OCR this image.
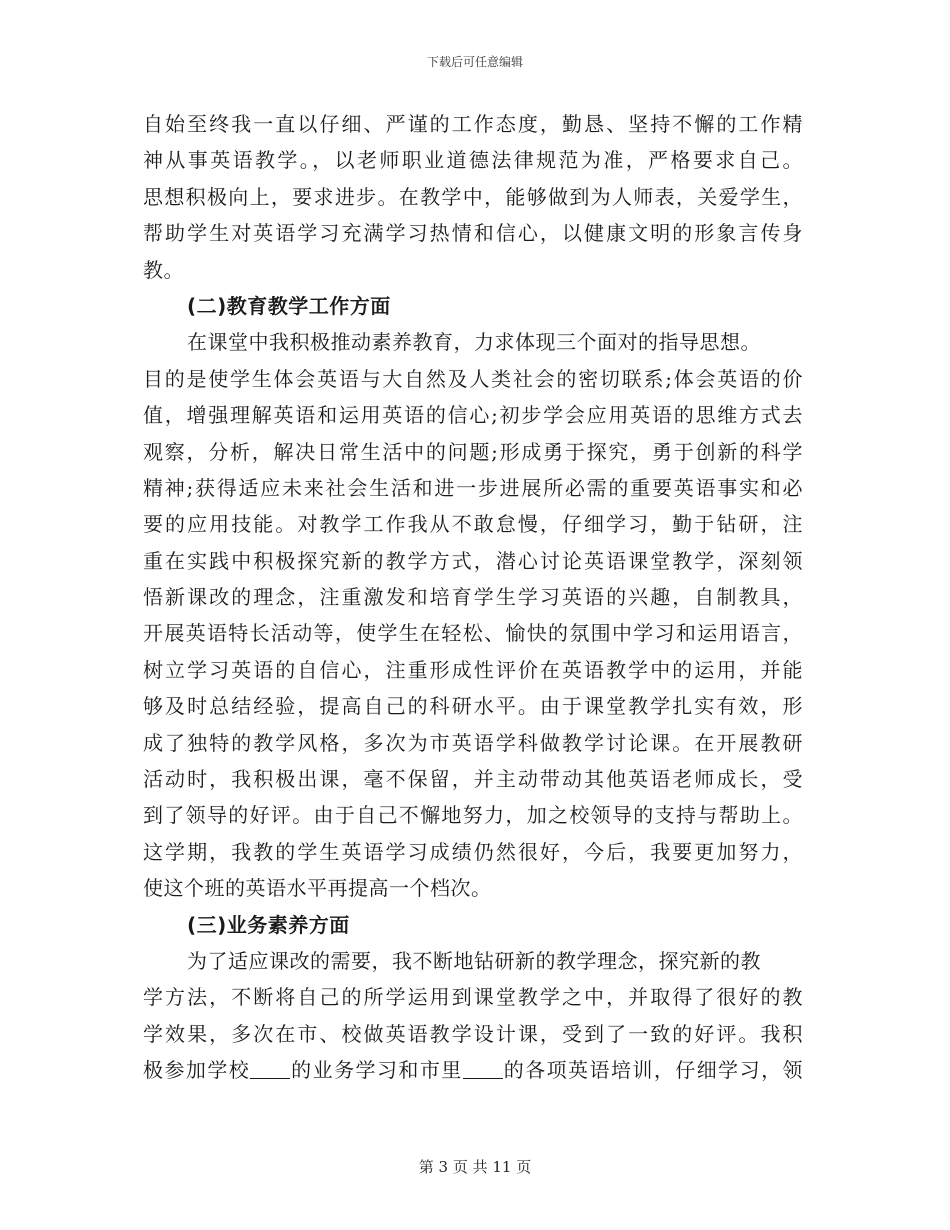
下载后可任意编辑
自始至终我一直以仔细、严谨的工作态度，勤恳、坚持不懈的工作精
神从事英语教学。，以老师职业道德法律规范为准，严格要求自己。
思想积极向上，要求进步。在教学中，能够做到为人师表，关爱学生，
帮助学生对英语学习充满学习热情和信心，以健康文明的形象言传身
教。
(二)教育教学工作方面
在课堂中我积极推动素养教育，力求体现三个面对的指导思想。
目的是使学生体会英语与大自然及人类社会的密切联系;体会英语的价
值，增强理解英语和运用英语的信心;初步学会应用英语的思维方式去
观察，分析，解决日常生活中的问题;形成勇于探究，勇于创新的科学
精神;获得适应未来社会生活和进一步进展所必需的重要英语事实和必
要的应用技能。对教学工作我从不敢怠慢，仔细学习，勤于钻研，注
重在实践中积极探究新的教学方式，潜心讨论英语课堂教学，深刻领
悟新课改的理念，注重激发和培育学生学习英语的兴趣，自制教具，
开展英语特长活动等，使学生在轻松、愉快的氛围中学习和运用语言，
树立学习英语的自信心，注重形成性评价在英语教学中的运用，并能
够及时总结经验，提高自己的科研水平。由于课堂教学扎实有效，形
成了独特的教学风格，多次为市英语学科做教学讨论课。在开展教研
活动时，我积极出课，毫不保留，并主动带动其他英语老师成长，受
到了领导的好评。由于自己不懈地努力，加之校领导的支持与帮助上。
这学期，我教的学生英语学习成绩仍然很好，今后，我要更加努力，
使这个班的英语水平再提高一个档次。
(三)业务素养方面
为了适应课改的需要，我不断地钻研新的教学理念，探究新的教
学方法，不断将自己的所学运用到课堂教学之中，并取得了很好的教
学效果，多次在市、校做英语教学设计课，受到了一致的好评。我积
极参加学校 的业务学习和市里 的各项英语培训，仔细学习，领
第 3 页 共 11 页
